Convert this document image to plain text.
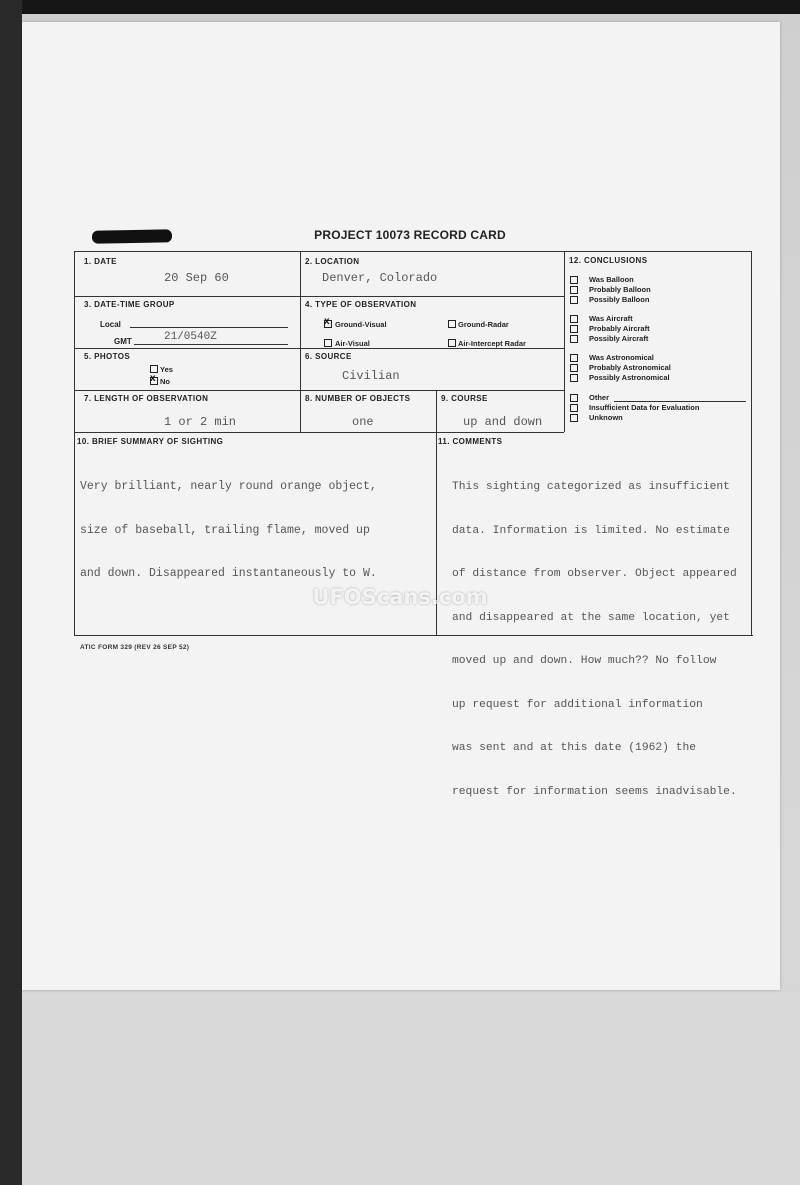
PROJECT 10073 RECORD CARD
1. DATE
20 Sep 60
2. LOCATION
Denver, Colorado
3. DATE-TIME GROUP
Local
GMT	21/0540Z
4. TYPE OF OBSERVATION
x Ground-Visual	Ground-Radar
Air-Visual	Air-Intercept Radar
5. PHOTOS
Yes
x No
6. SOURCE
Civilian
7. LENGTH OF OBSERVATION
1 or 2 min
8. NUMBER OF OBJECTS
one
9. COURSE
up and down
10. BRIEF SUMMARY OF SIGHTING

Very brilliant, nearly round orange object,

size of baseball, trailing flame, moved up

and down. Disappeared instantaneously to W.

11. COMMENTS

This sighting categorized as insufficient

data. Information is limited. No estimate

of distance from observer. Object appeared

and disappeared at the same location, yet

moved up and down. How much?? No follow

up request for additional information

was sent and at this date (1962) the

request for information seems inadvisable.

12. CONCLUSIONS
Was Balloon
Probably Balloon
Possibly Balloon
Was Aircraft
Probably Aircraft
Possibly Aircraft
Was Astronomical
Probably Astronomical
Possibly Astronomical
Other
Insufficient Data for Evaluation
Unknown
ATIC FORM 329 (REV 26 SEP 52)
UFOScans.com
